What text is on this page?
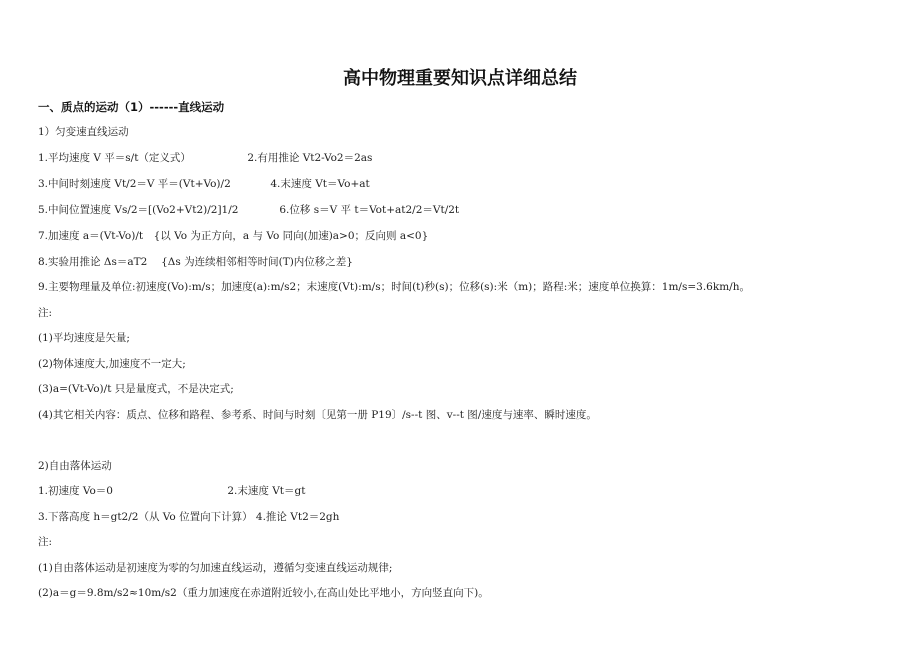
高中物理重要知识点详细总结
一、质点的运动（1）------直线运动
1）匀变速直线运动
1.平均速度 V 平＝s/t（定义式）	2.有用推论 Vt2-Vo2＝2as
3.中间时刻速度 Vt/2＝V 平＝(Vt+Vo)/2	4.末速度 Vt＝Vo+at
5.中间位置速度 Vs/2＝[(Vo2+Vt2)/2]1/2	6.位移 s＝V 平 t＝Vot+at2/2＝Vt/2t
7.加速度 a＝(Vt-Vo)/t　{以 Vo 为正方向，a 与 Vo 同向(加速)a>0；反向则 a<0}
8.实验用推论 Δs＝aT2　 {Δs 为连续相邻相等时间(T)内位移之差}
9.主要物理量及单位:初速度(Vo):m/s；加速度(a):m/s2；末速度(Vt):m/s；时间(t)秒(s)；位移(s):米（m)；路程:米；速度单位换算：1m/s=3.6km/h。
注:
(1)平均速度是矢量;
(2)物体速度大,加速度不一定大;
(3)a=(Vt-Vo)/t 只是量度式，不是决定式;
(4)其它相关内容：质点、位移和路程、参考系、时间与时刻〔见第一册 P19〕/s--t 图、v--t 图/速度与速率、瞬时速度。
2)自由落体运动
1.初速度 Vo＝0	2.末速度 Vt＝gt
3.下落高度 h＝gt2/2（从 Vo 位置向下计算） 4.推论 Vt2＝2gh
注:
(1)自由落体运动是初速度为零的匀加速直线运动，遵循匀变速直线运动规律;
(2)a＝g＝9.8m/s2≈10m/s2（重力加速度在赤道附近较小,在高山处比平地小，方向竖直向下)。
